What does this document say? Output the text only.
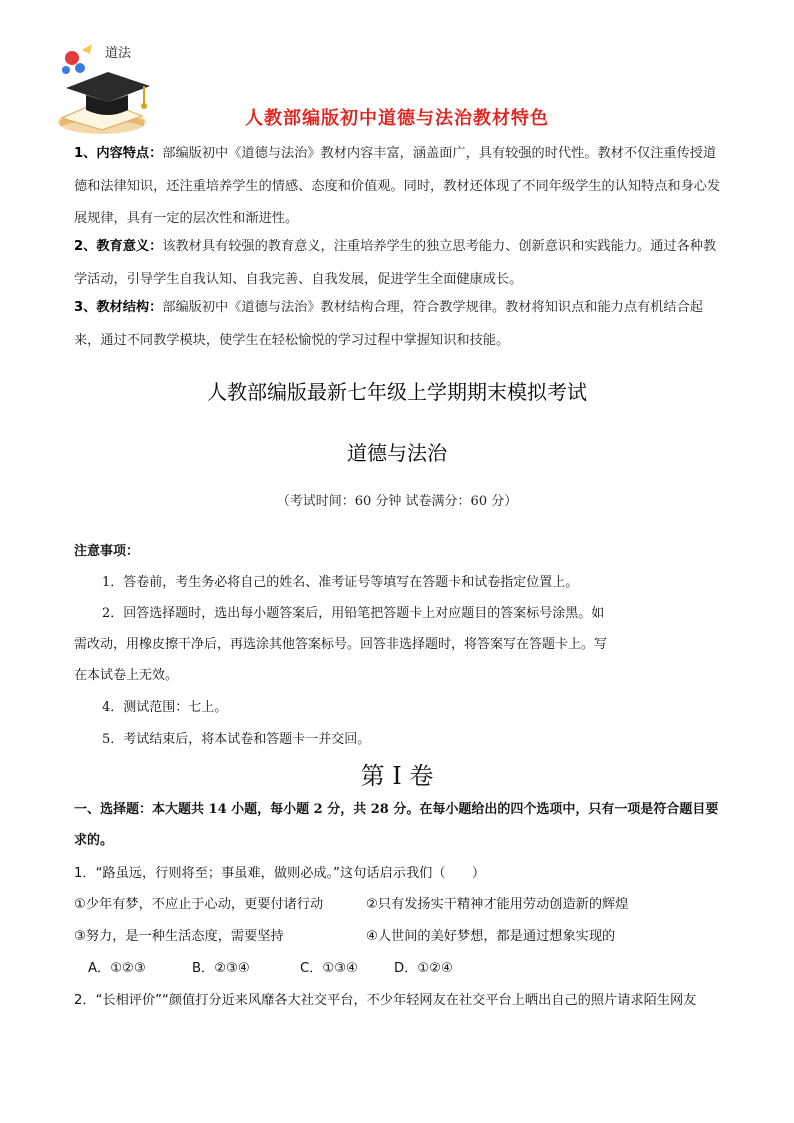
道法
人教部编版初中道德与法治教材特色
1、内容特点：部编版初中《道德与法治》教材内容丰富，涵盖面广，具有较强的时代性。教材不仅注重传授道德和法律知识，还注重培养学生的情感、态度和价值观。同时，教材还体现了不同年级学生的认知特点和身心发展规律，具有一定的层次性和渐进性。
2、教育意义：该教材具有较强的教育意义，注重培养学生的独立思考能力、创新意识和实践能力。通过各种教学活动，引导学生自我认知、自我完善、自我发展，促进学生全面健康成长。
3、教材结构：部编版初中《道德与法治》教材结构合理，符合教学规律。教材将知识点和能力点有机结合起来，通过不同教学模块，使学生在轻松愉悦的学习过程中掌握知识和技能。
人教部编版最新七年级上学期期末模拟考试
道德与法治
（考试时间：60 分钟 试卷满分：60 分）
注意事项：
1．答卷前，考生务必将自己的姓名、准考证号等填写在答题卡和试卷指定位置上。
2．回答选择题时，选出每小题答案后，用铅笔把答题卡上对应题目的答案标号涂黑。如
需改动，用橡皮擦干净后，再选涂其他答案标号。回答非选择题时，将答案写在答题卡上。写
在本试卷上无效。
4．测试范围：七上。
5．考试结束后，将本试卷和答题卡一并交回。
第 I 卷
一、选择题：本大题共 14 小题，每小题 2 分，共 28 分。在每小题给出的四个选项中，只有一项是符合题目要求的。
1．“路虽远，行则将至；事虽难，做则必成。”这句话启示我们（　　）
①少年有梦，不应止于心动，更要付诸行动	②只有发扬实干精神才能用劳动创造新的辉煌
③努力，是一种生活态度，需要坚持	④人世间的美好梦想，都是通过想象实现的
A．①②③	B．②③④	C．①③④	D．①②④
2．“长相评价”“颜值打分近来风靡各大社交平台，不少年轻网友在社交平台上晒出自己的照片请求陌生网友
